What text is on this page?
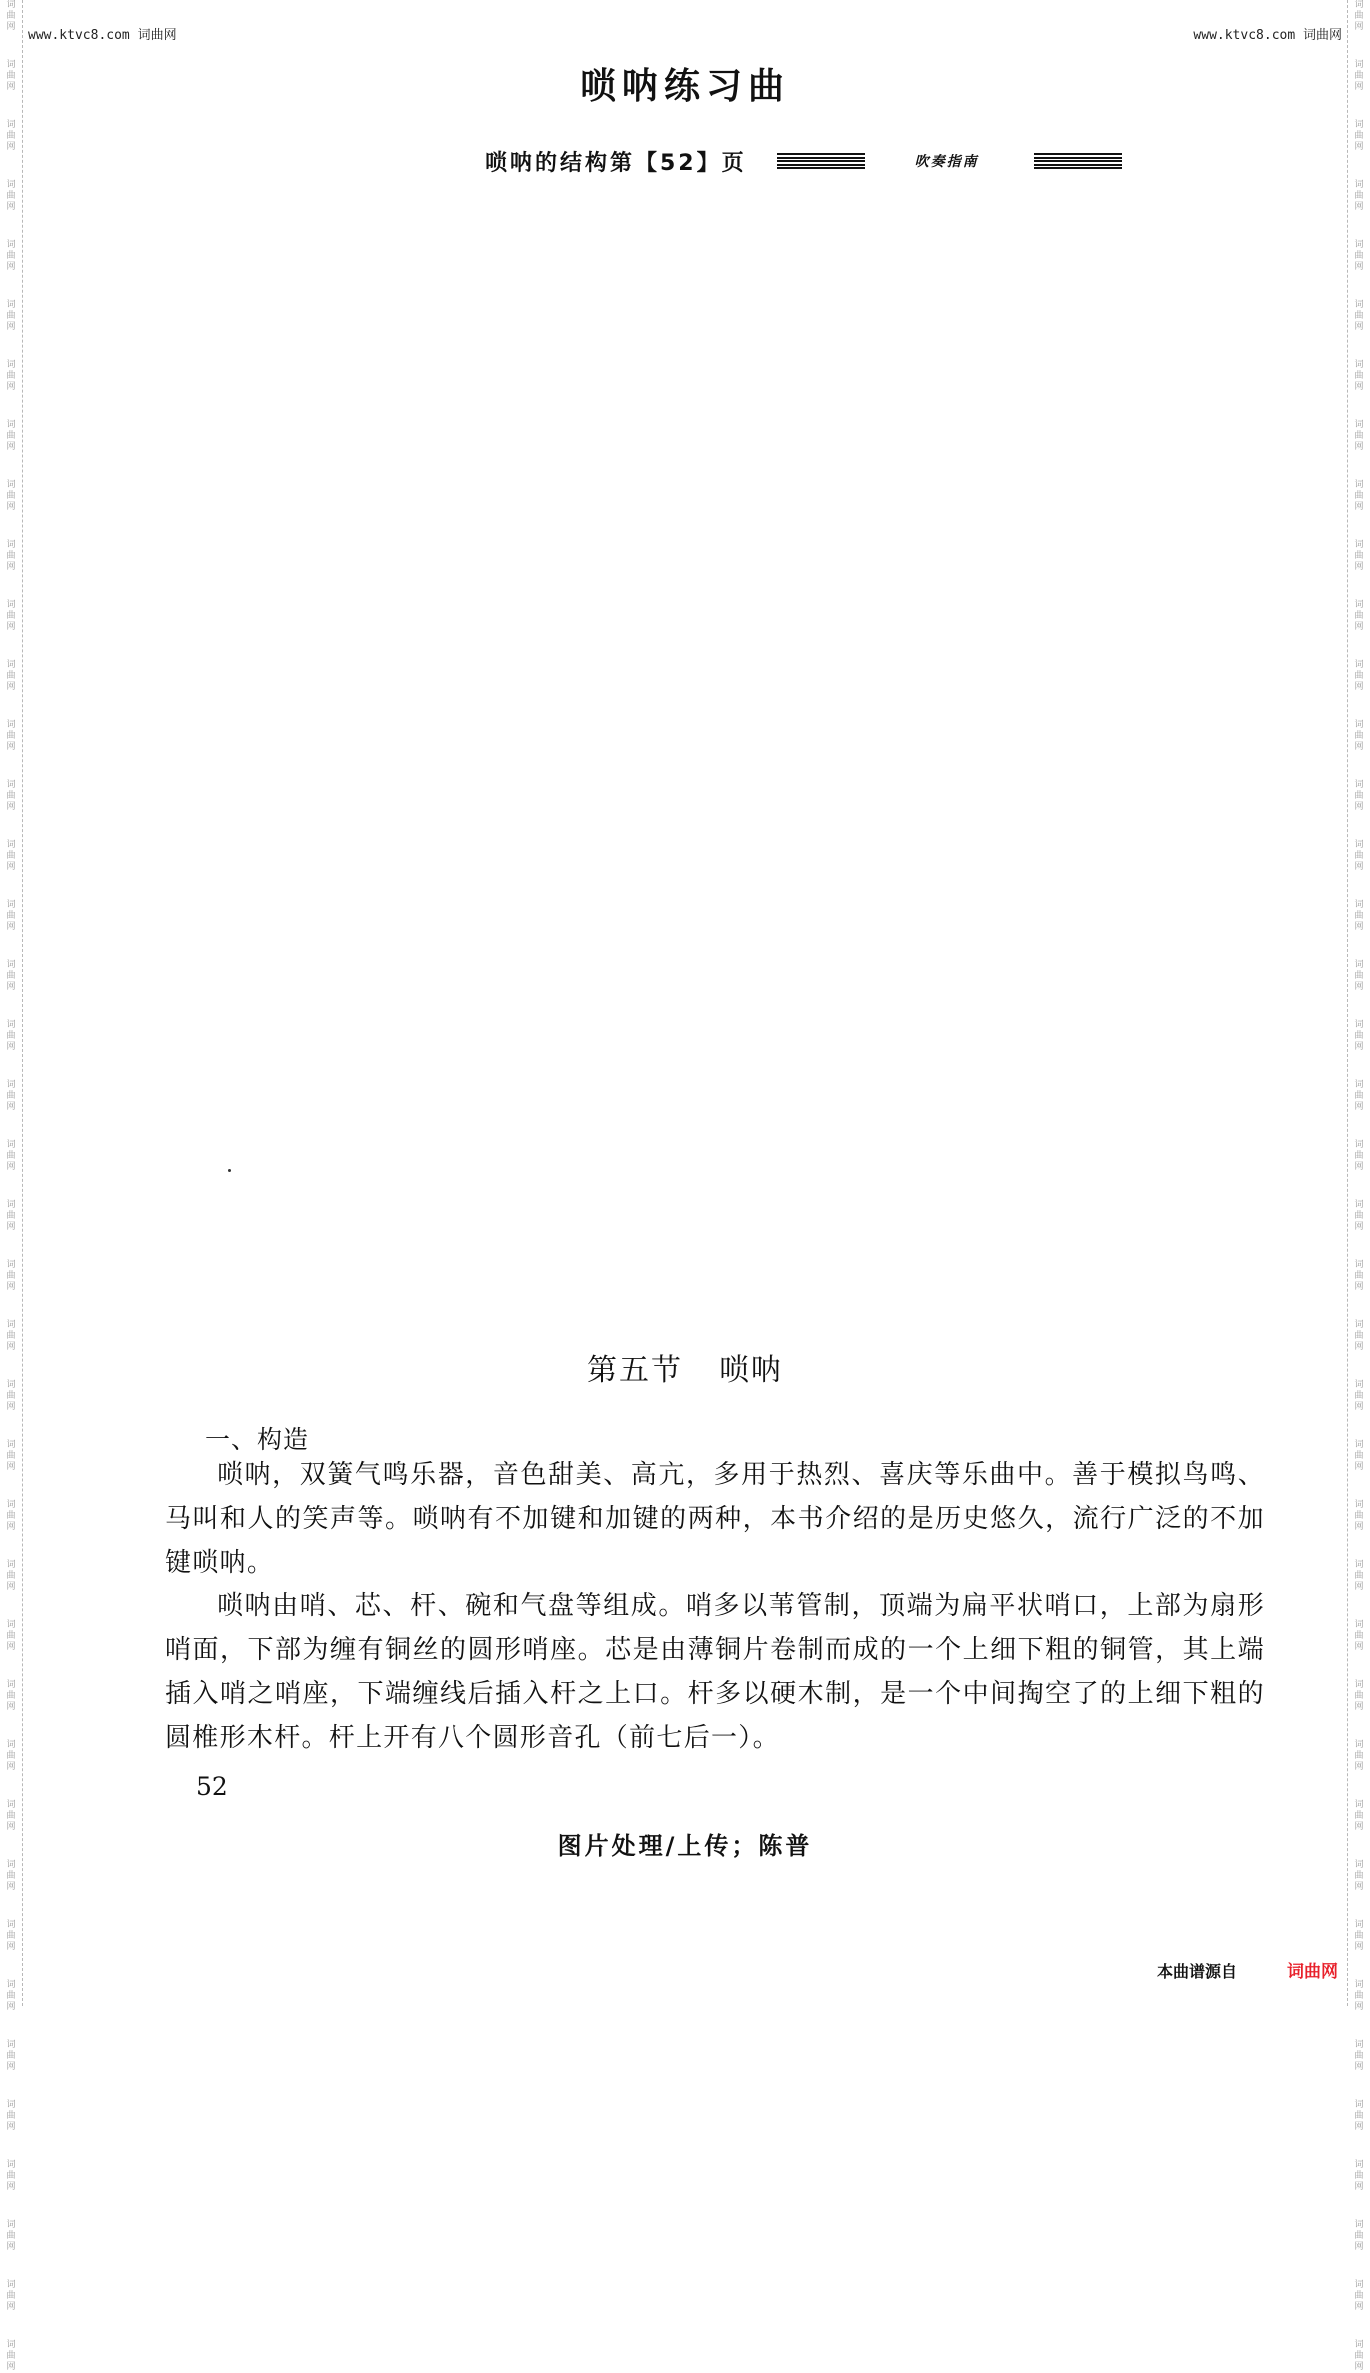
词
曲
网
词
曲
网
词
曲
网
词
曲
网
词
曲
网
词
曲
网
词
曲
网
词
曲
网
词
曲
网
词
曲
网
词
曲
网
词
曲
网
词
曲
网
词
曲
网
词
曲
网
词
曲
网
词
曲
网
词
曲
网
词
曲
网
词
曲
网
词
曲
网
词
曲
网
词
曲
网
词
曲
网
词
曲
网
词
曲
网
词
曲
网
词
曲
网
词
曲
网
词
曲
网
词
曲
网
词
曲
网
词
曲
网
词
曲
网
词
曲
网
词
曲
网
词
曲
网
词
曲
网
词
曲
网
词
曲
网
词
曲
网
词
曲
网
词
曲
网
词
曲
网
词
曲
网
词
曲
网
词
曲
网
词
曲
网
词
曲
网
词
曲
网
词
曲
网
词
曲
网
词
曲
网
词
曲
网
词
曲
网
词
曲
网
词
曲
网
词
曲
网
词
曲
网
词
曲
网
词
曲
网
词
曲
网
词
曲
网
词
曲
网
词
曲
网
词
曲
网
词
曲
网
词
曲
网
词
曲
网
词
曲
网
词
曲
网
词
曲
网
词
曲
网
词
曲
网
词
曲
网
词
曲
网
词
曲
网
词
曲
网
词
曲
网
词
曲
网
www.ktvc8.com 词曲网	www.ktvc8.com 词曲网
唢呐练习曲
唢呐的结构第【52】页	吹奏指南
第五节 唢呐
一、构造

唢呐，双簧气鸣乐器，音色甜美、高亢，多用于热烈、喜庆等乐曲中。善于模拟鸟鸣、马叫和人的笑声等。唢呐有不加键和加键的两种，本书介绍的是历史悠久，流行广泛的不加键唢呐。

唢呐由哨、芯、杆、碗和气盘等组成。哨多以苇管制，顶端为扁平状哨口，上部为扇形哨面，下部为缠有铜丝的圆形哨座。芯是由薄铜片卷制而成的一个上细下粗的铜管，其上端插入哨之哨座，下端缠线后插入杆之上口。杆多以硬木制，是一个中间掏空了的上细下粗的圆椎形木杆。杆上开有八个圆形音孔（前七后一）。

52
图片处理/上传；陈普
本曲谱源自	词曲网
